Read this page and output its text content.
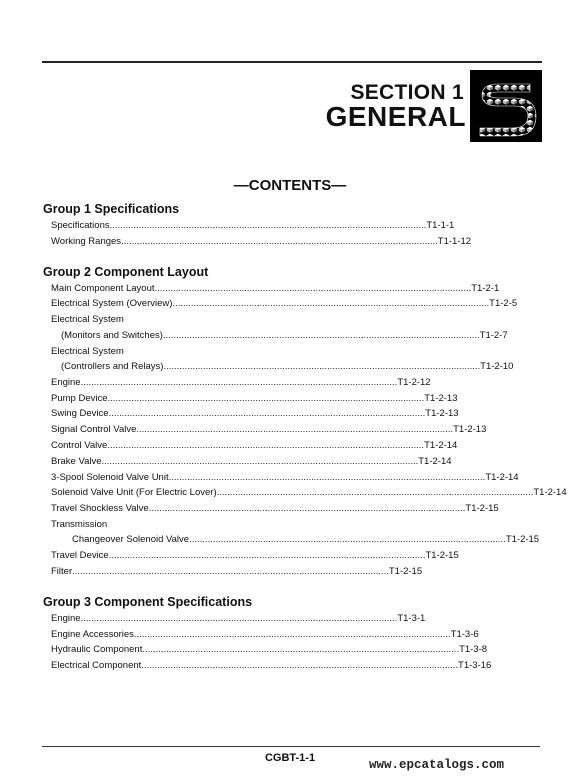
SECTION 1
GENERAL
—CONTENTS—
Group 1 Specifications
Specifications ........................................................................................................................ T1-1-1
Working Ranges ........................................................................................................................ T1-1-12
Group 2 Component Layout
Main Component Layout ........................................................................................................................ T1-2-1
Electrical System (Overview) ........................................................................................................................ T1-2-5
Electrical System
(Monitors and Switches) ........................................................................................................................ T1-2-7
Electrical System
(Controllers and Relays) ........................................................................................................................ T1-2-10
Engine ........................................................................................................................ T1-2-12
Pump Device ........................................................................................................................ T1-2-13
Swing Device ........................................................................................................................ T1-2-13
Signal Control Valve ........................................................................................................................ T1-2-13
Control Valve ........................................................................................................................ T1-2-14
Brake Valve ........................................................................................................................ T1-2-14
3-Spool Solenoid Valve Unit ........................................................................................................................ T1-2-14
Solenoid Valve Unit (For Electric Lover) ........................................................................................................................ T1-2-14
Travel Shockless Valve ........................................................................................................................ T1-2-15
Transmission
Changeover Solenoid Valve ........................................................................................................................ T1-2-15
Travel Device ........................................................................................................................ T1-2-15
Filter ........................................................................................................................ T1-2-15
Group 3 Component Specifications
Engine ........................................................................................................................ T1-3-1
Engine Accessories ........................................................................................................................ T1-3-6
Hydraulic Component ........................................................................................................................ T1-3-8
Electrical Component ........................................................................................................................ T1-3-16
CGBT-1-1	www.epcatalogs.com
